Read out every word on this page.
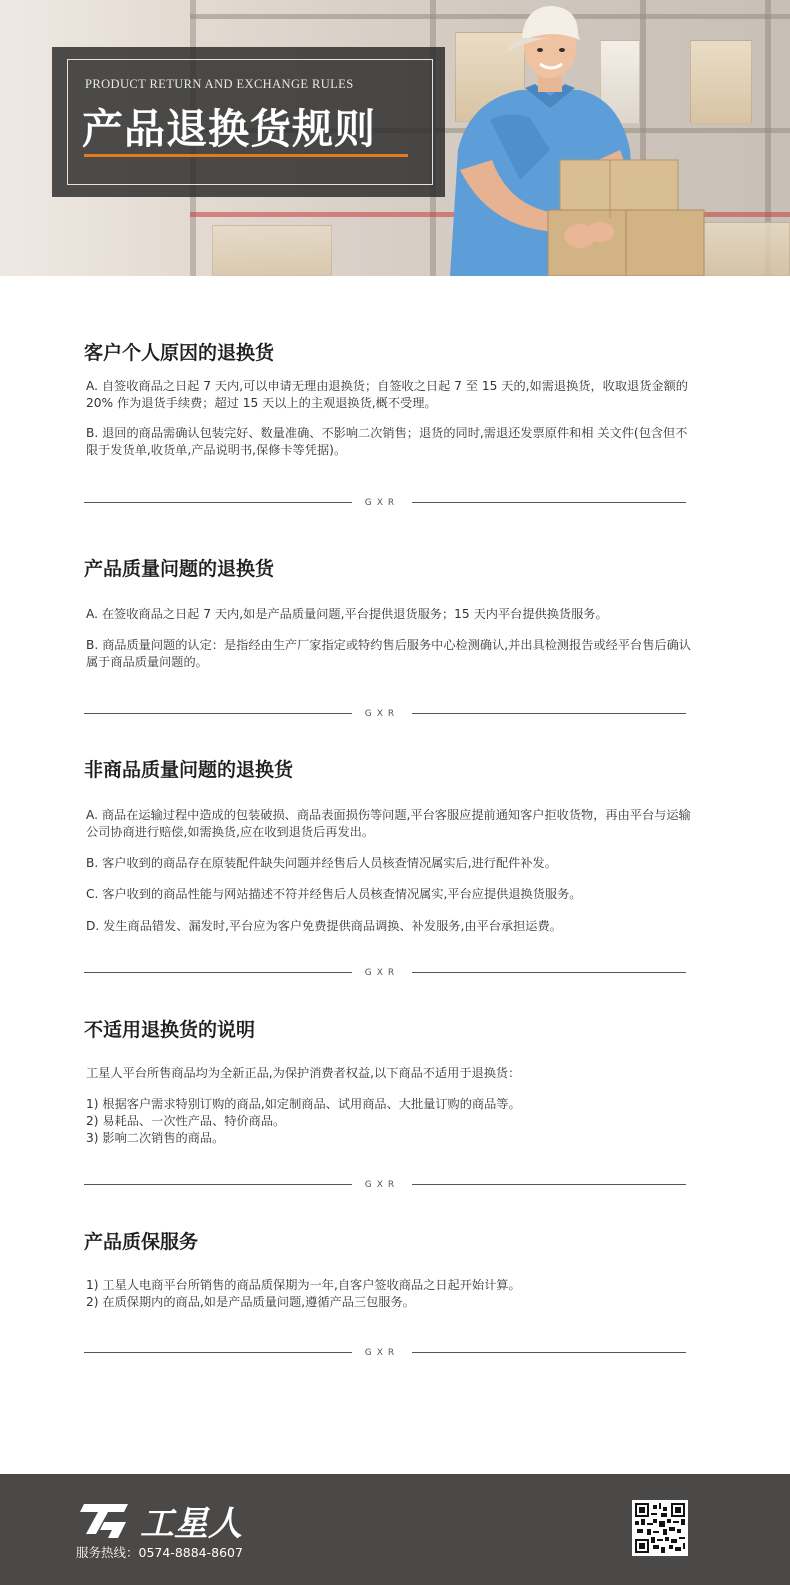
PRODUCT RETURN AND EXCHANGE RULES
产品退换货规则
客户个人原因的退换货
A. 自签收商品之日起 7 天内,可以申请无理由退换货；自签收之日起 7 至 15 天的,如需退换货，收取退货金额的 20% 作为退货手续费；超过 15 天以上的主观退换货,概不受理。
B. 退回的商品需确认包装完好、数量准确、不影响二次销售；退货的同时,需退还发票原件和相 关文件(包含但不限于发货单,收货单,产品说明书,保修卡等凭据)。
GXR
产品质量问题的退换货
A. 在签收商品之日起 7 天内,如是产品质量问题,平台提供退货服务；15 天内平台提供换货服务。
B. 商品质量问题的认定：是指经由生产厂家指定或特约售后服务中心检测确认,并出具检测报告或经平台售后确认属于商品质量问题的。
GXR
非商品质量问题的退换货
A. 商品在运输过程中造成的包装破损、商品表面损伤等问题,平台客服应提前通知客户拒收货物，再由平台与运输公司协商进行赔偿,如需换货,应在收到退货后再发出。
B. 客户收到的商品存在原装配件缺失问题并经售后人员核查情况属实后,进行配件补发。
C. 客户收到的商品性能与网站描述不符并经售后人员核查情况属实,平台应提供退换货服务。
D. 发生商品错发、漏发时,平台应为客户免费提供商品调换、补发服务,由平台承担运费。
GXR
不适用退换货的说明
工星人平台所售商品均为全新正品,为保护消费者权益,以下商品不适用于退换货：
1) 根据客户需求特别订购的商品,如定制商品、试用商品、大批量订购的商品等。
2) 易耗品、一次性产品、特价商品。
3) 影响二次销售的商品。
GXR
产品质保服务
1) 工星人电商平台所销售的商品质保期为一年,自客户签收商品之日起开始计算。
2) 在质保期内的商品,如是产品质量问题,遵循产品三包服务。
GXR
工星人
服务热线：0574-8884-8607
